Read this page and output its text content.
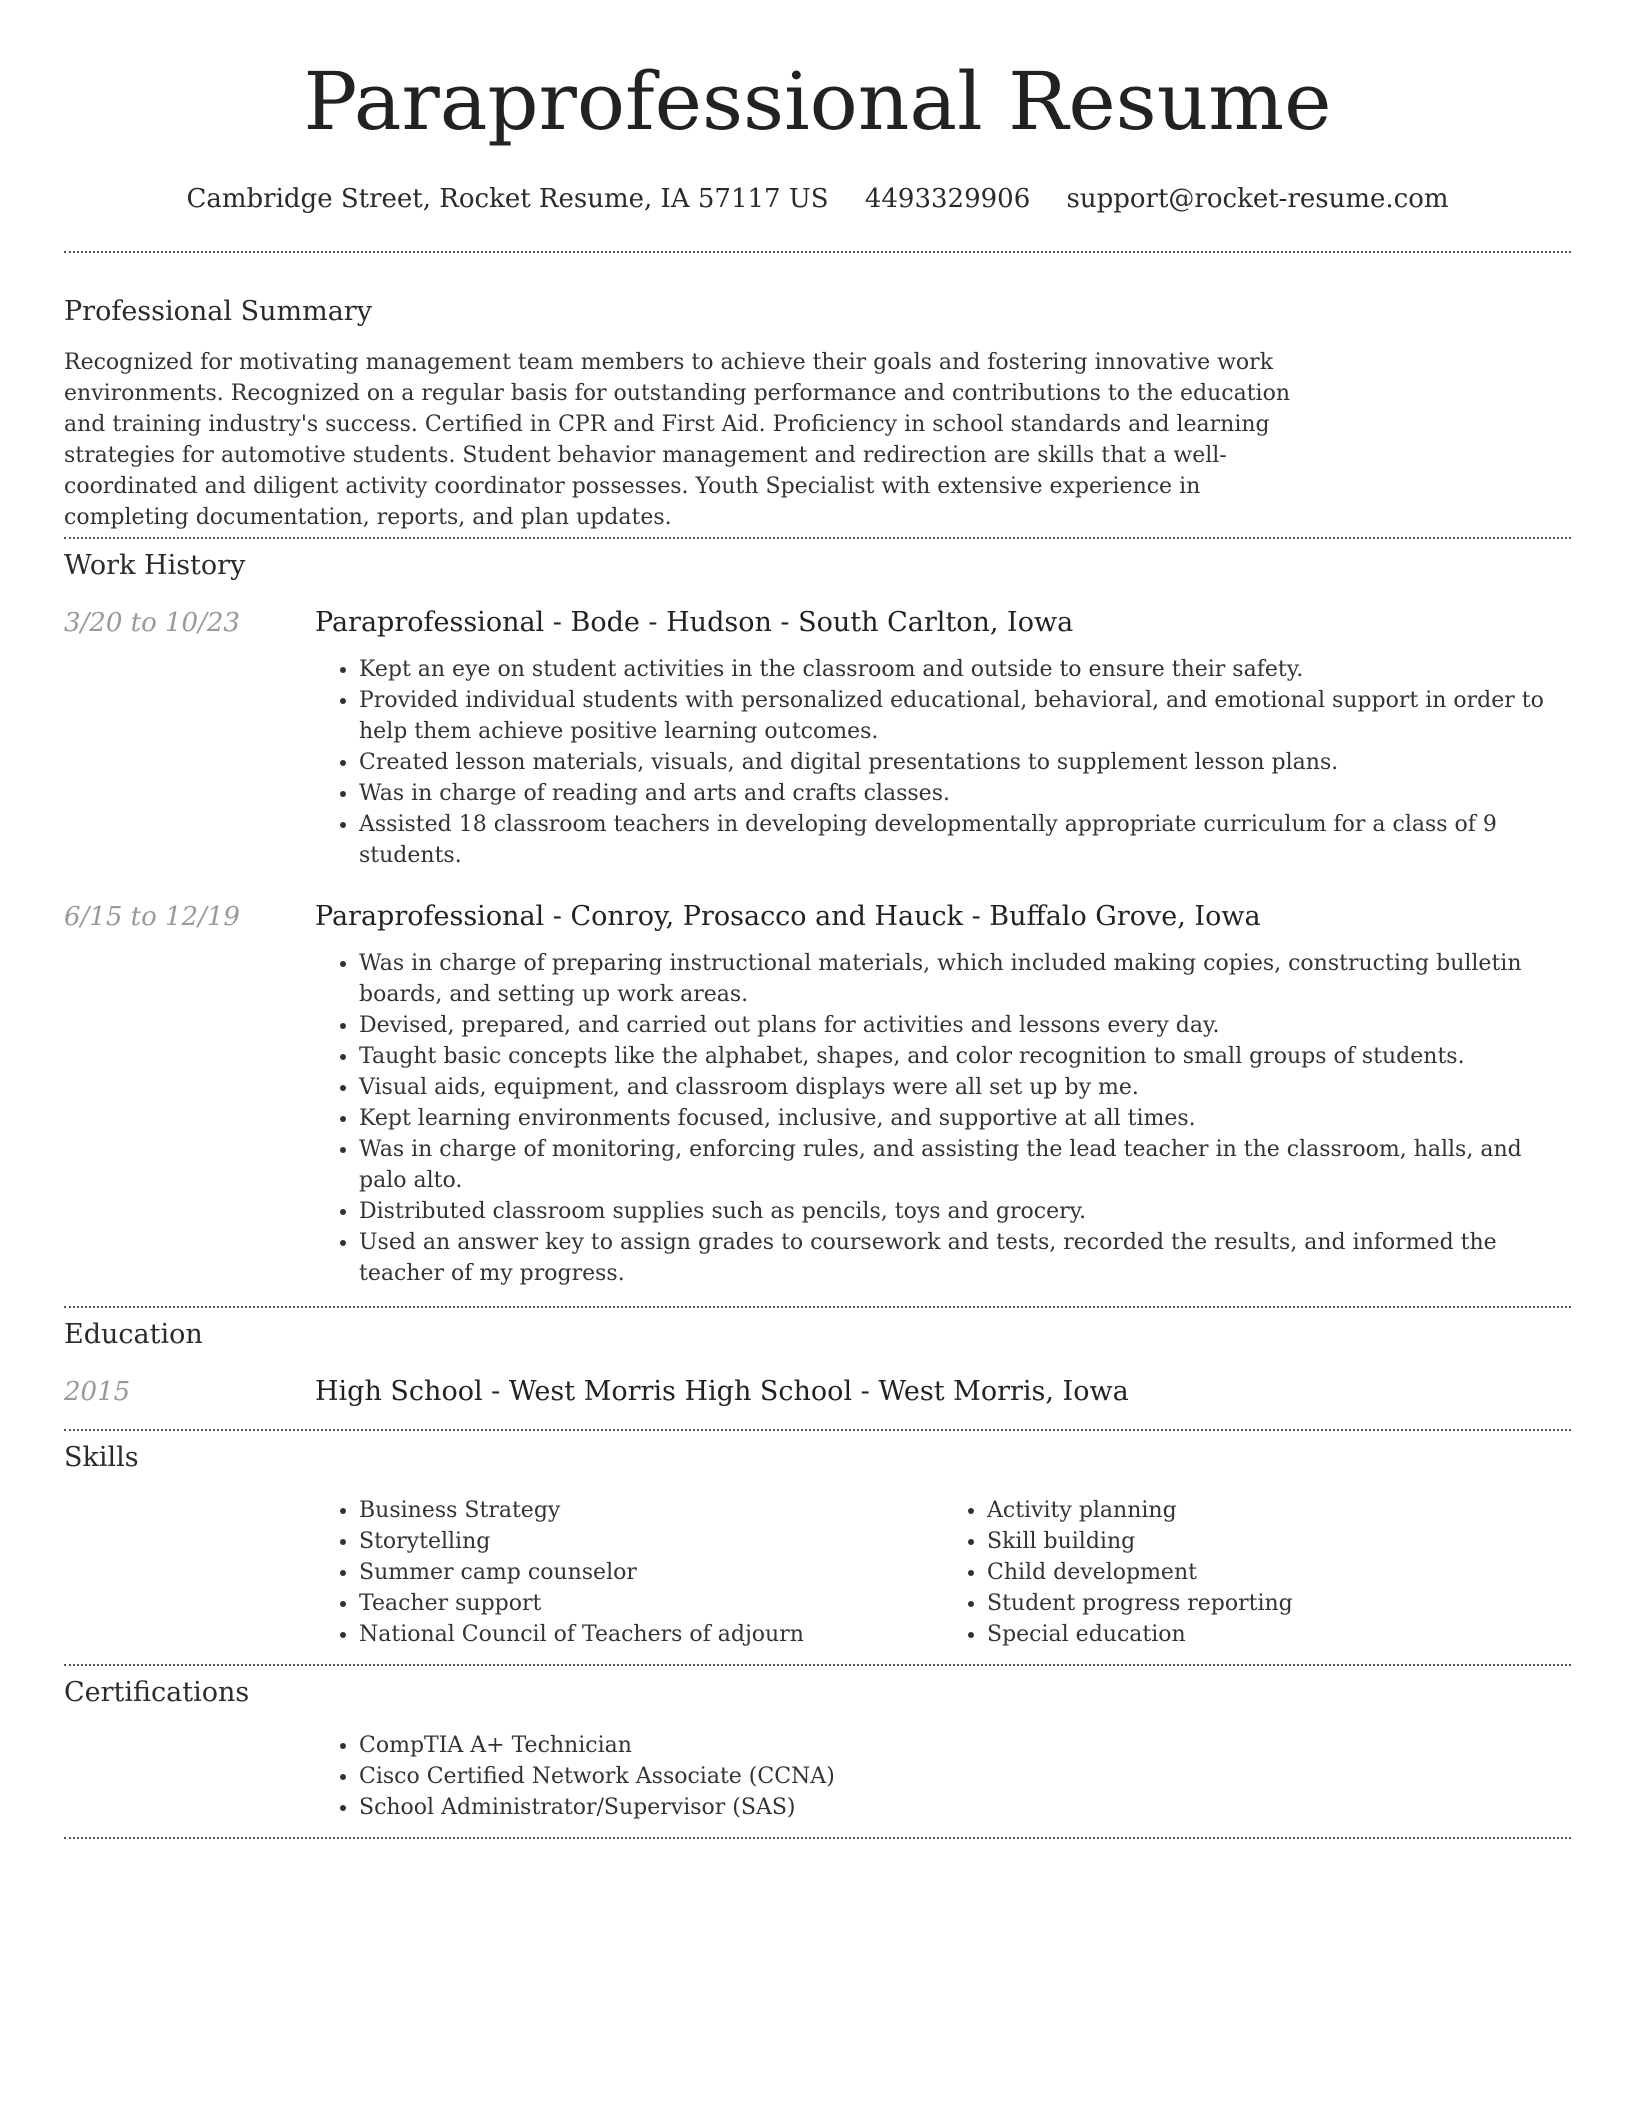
Paraprofessional Resume
Cambridge Street, Rocket Resume, IA 57117 US 4493329906 support@rocket-resume.com
Professional Summary

Recognized for motivating management team members to achieve their goals and fostering innovative work environments. Recognized on a regular basis for outstanding performance and contributions to the education and training industry's success. Certified in CPR and First Aid. Proficiency in school standards and learning strategies for automotive students. Student behavior management and redirection are skills that a well-coordinated and diligent activity coordinator possesses. Youth Specialist with extensive experience in completing documentation, reports, and plan updates.

Work History
3/20 to 10/23	Paraprofessional - Bode - Hudson - South Carlton, Iowa
• Kept an eye on student activities in the classroom and outside to ensure their safety.
• Provided individual students with personalized educational, behavioral, and emotional support in order to help them achieve positive learning outcomes.
• Created lesson materials, visuals, and digital presentations to supplement lesson plans.
• Was in charge of reading and arts and crafts classes.
• Assisted 18 classroom teachers in developing developmentally appropriate curriculum for a class of 9 students.
6/15 to 12/19	Paraprofessional - Conroy, Prosacco and Hauck - Buffalo Grove, Iowa
• Was in charge of preparing instructional materials, which included making copies, constructing bulletin boards, and setting up work areas.
• Devised, prepared, and carried out plans for activities and lessons every day.
• Taught basic concepts like the alphabet, shapes, and color recognition to small groups of students.
• Visual aids, equipment, and classroom displays were all set up by me.
• Kept learning environments focused, inclusive, and supportive at all times.
• Was in charge of monitoring, enforcing rules, and assisting the lead teacher in the classroom, halls, and palo alto.
• Distributed classroom supplies such as pencils, toys and grocery.
• Used an answer key to assign grades to coursework and tests, recorded the results, and informed the teacher of my progress.
Education
2015	High School - West Morris High School - West Morris, Iowa
Skills
• Business Strategy
• Storytelling
• Summer camp counselor
• Teacher support
• National Council of Teachers of adjourn
• Activity planning
• Skill building
• Child development
• Student progress reporting
• Special education
Certifications
• CompTIA A+ Technician
• Cisco Certified Network Associate (CCNA)
• School Administrator/Supervisor (SAS)
